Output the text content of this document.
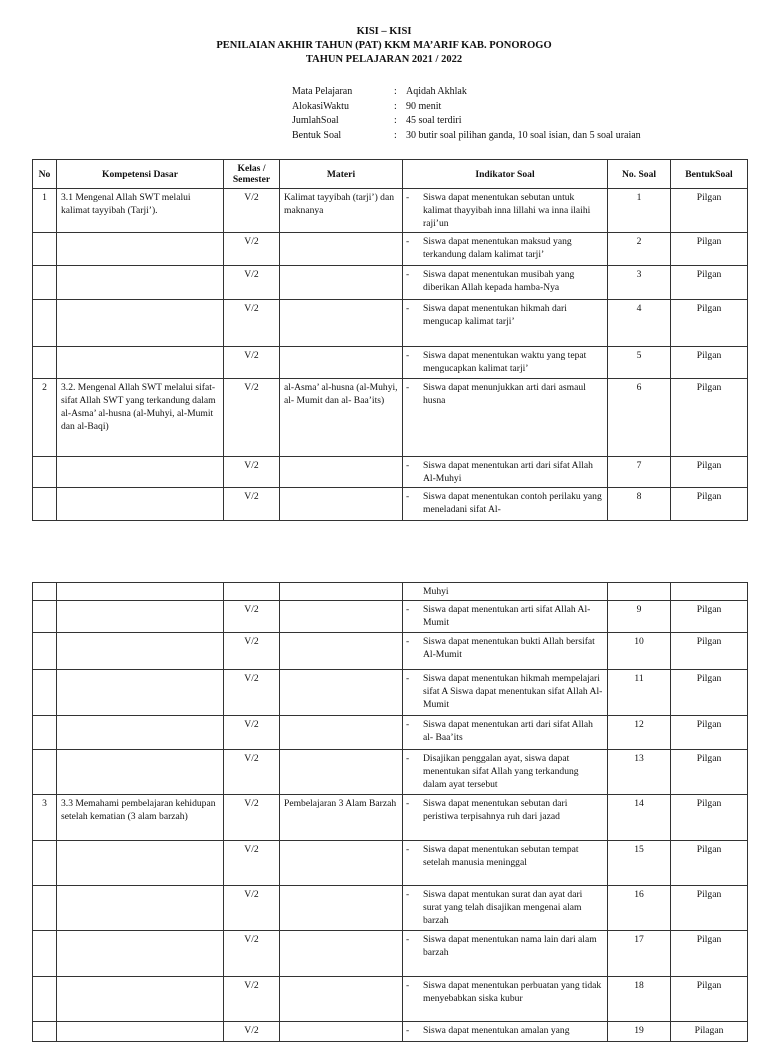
KISI – KISI
PENILAIAN AKHIR TAHUN (PAT) KKM MA’ARIF KAB. PONOROGO
TAHUN PELAJARAN 2021 / 2022
Mata Pelajaran	: Aqidah Akhlak
AlokasiWaktu	: 90 menit
JumlahSoal	: 45 soal terdiri
Bentuk Soal	: 30 butir soal pilihan ganda, 10 soal isian, dan 5 soal uraian
No	Kompetensi Dasar	Kelas / Semester	Materi	Indikator Soal	No. Soal	BentukSoal
1	3.1 Mengenal Allah SWT melalui kalimat tayyibah (Tarji’).	V/2	Kalimat tayyibah (tarji’) dan maknanya	- Siswa dapat menentukan sebutan untuk kalimat thayyibah inna lillahi wa inna ilaihi raji’un	1	Pilgan
		V/2		- Siswa dapat menentukan maksud yang terkandung dalam kalimat tarji’	2	Pilgan
		V/2		- Siswa dapat menentukan musibah yang diberikan Allah kepada hamba-Nya	3	Pilgan
		V/2		- Siswa dapat menentukan hikmah dari mengucap kalimat tarji’	4	Pilgan
		V/2		- Siswa dapat menentukan waktu yang tepat mengucapkan kalimat tarji’	5	Pilgan
2	3.2. Mengenal Allah SWT melalui sifat-sifat Allah SWT yang terkandung dalam al-Asma’ al-husna (al-Muhyi, al-Mumit dan al-Baqi)	V/2	al-Asma’ al-husna (al-Muhyi, al- Mumit dan al- Baa’its)	- Siswa dapat menunjukkan arti dari asmaul husna	6	Pilgan
		V/2		- Siswa dapat menentukan arti dari sifat Allah Al-Muhyi	7	Pilgan
		V/2		- Siswa dapat menentukan contoh perilaku yang meneladani sifat Al-	8	Pilgan

				Muhyi		

		V/2		- Siswa dapat menentukan arti sifat Allah Al-Mumit	9	Pilgan
		V/2		- Siswa dapat menentukan bukti Allah bersifat Al-Mumit	10	Pilgan
		V/2		- Siswa dapat menentukan hikmah mempelajari sifat A Siswa dapat menentukan sifat Allah Al-Mumit	11	Pilgan
		V/2		- Siswa dapat menentukan arti dari sifat Allah al- Baa’its	12	Pilgan
		V/2		- Disajikan penggalan ayat, siswa dapat menentukan sifat Allah yang terkandung dalam ayat tersebut	13	Pilgan
3	3.3 Memahami pembelajaran kehidupan setelah kematian (3 alam barzah)	V/2	Pembelajaran 3 Alam Barzah	- Siswa dapat menentukan sebutan dari peristiwa terpisahnya ruh dari jazad	14	Pilgan
		V/2		- Siswa dapat menentukan sebutan tempat setelah manusia meninggal	15	Pilgan
		V/2		- Siswa dapat mentukan surat dan ayat dari surat yang telah disajikan mengenai alam barzah	16	Pilgan
		V/2		- Siswa dapat menentukan nama lain dari alam barzah	17	Pilgan
		V/2		- Siswa dapat menentukan perbuatan yang tidak menyebabkan siska kubur	18	Pilgan
		V/2		- Siswa dapat menentukan amalan yang	19	Pilagan
